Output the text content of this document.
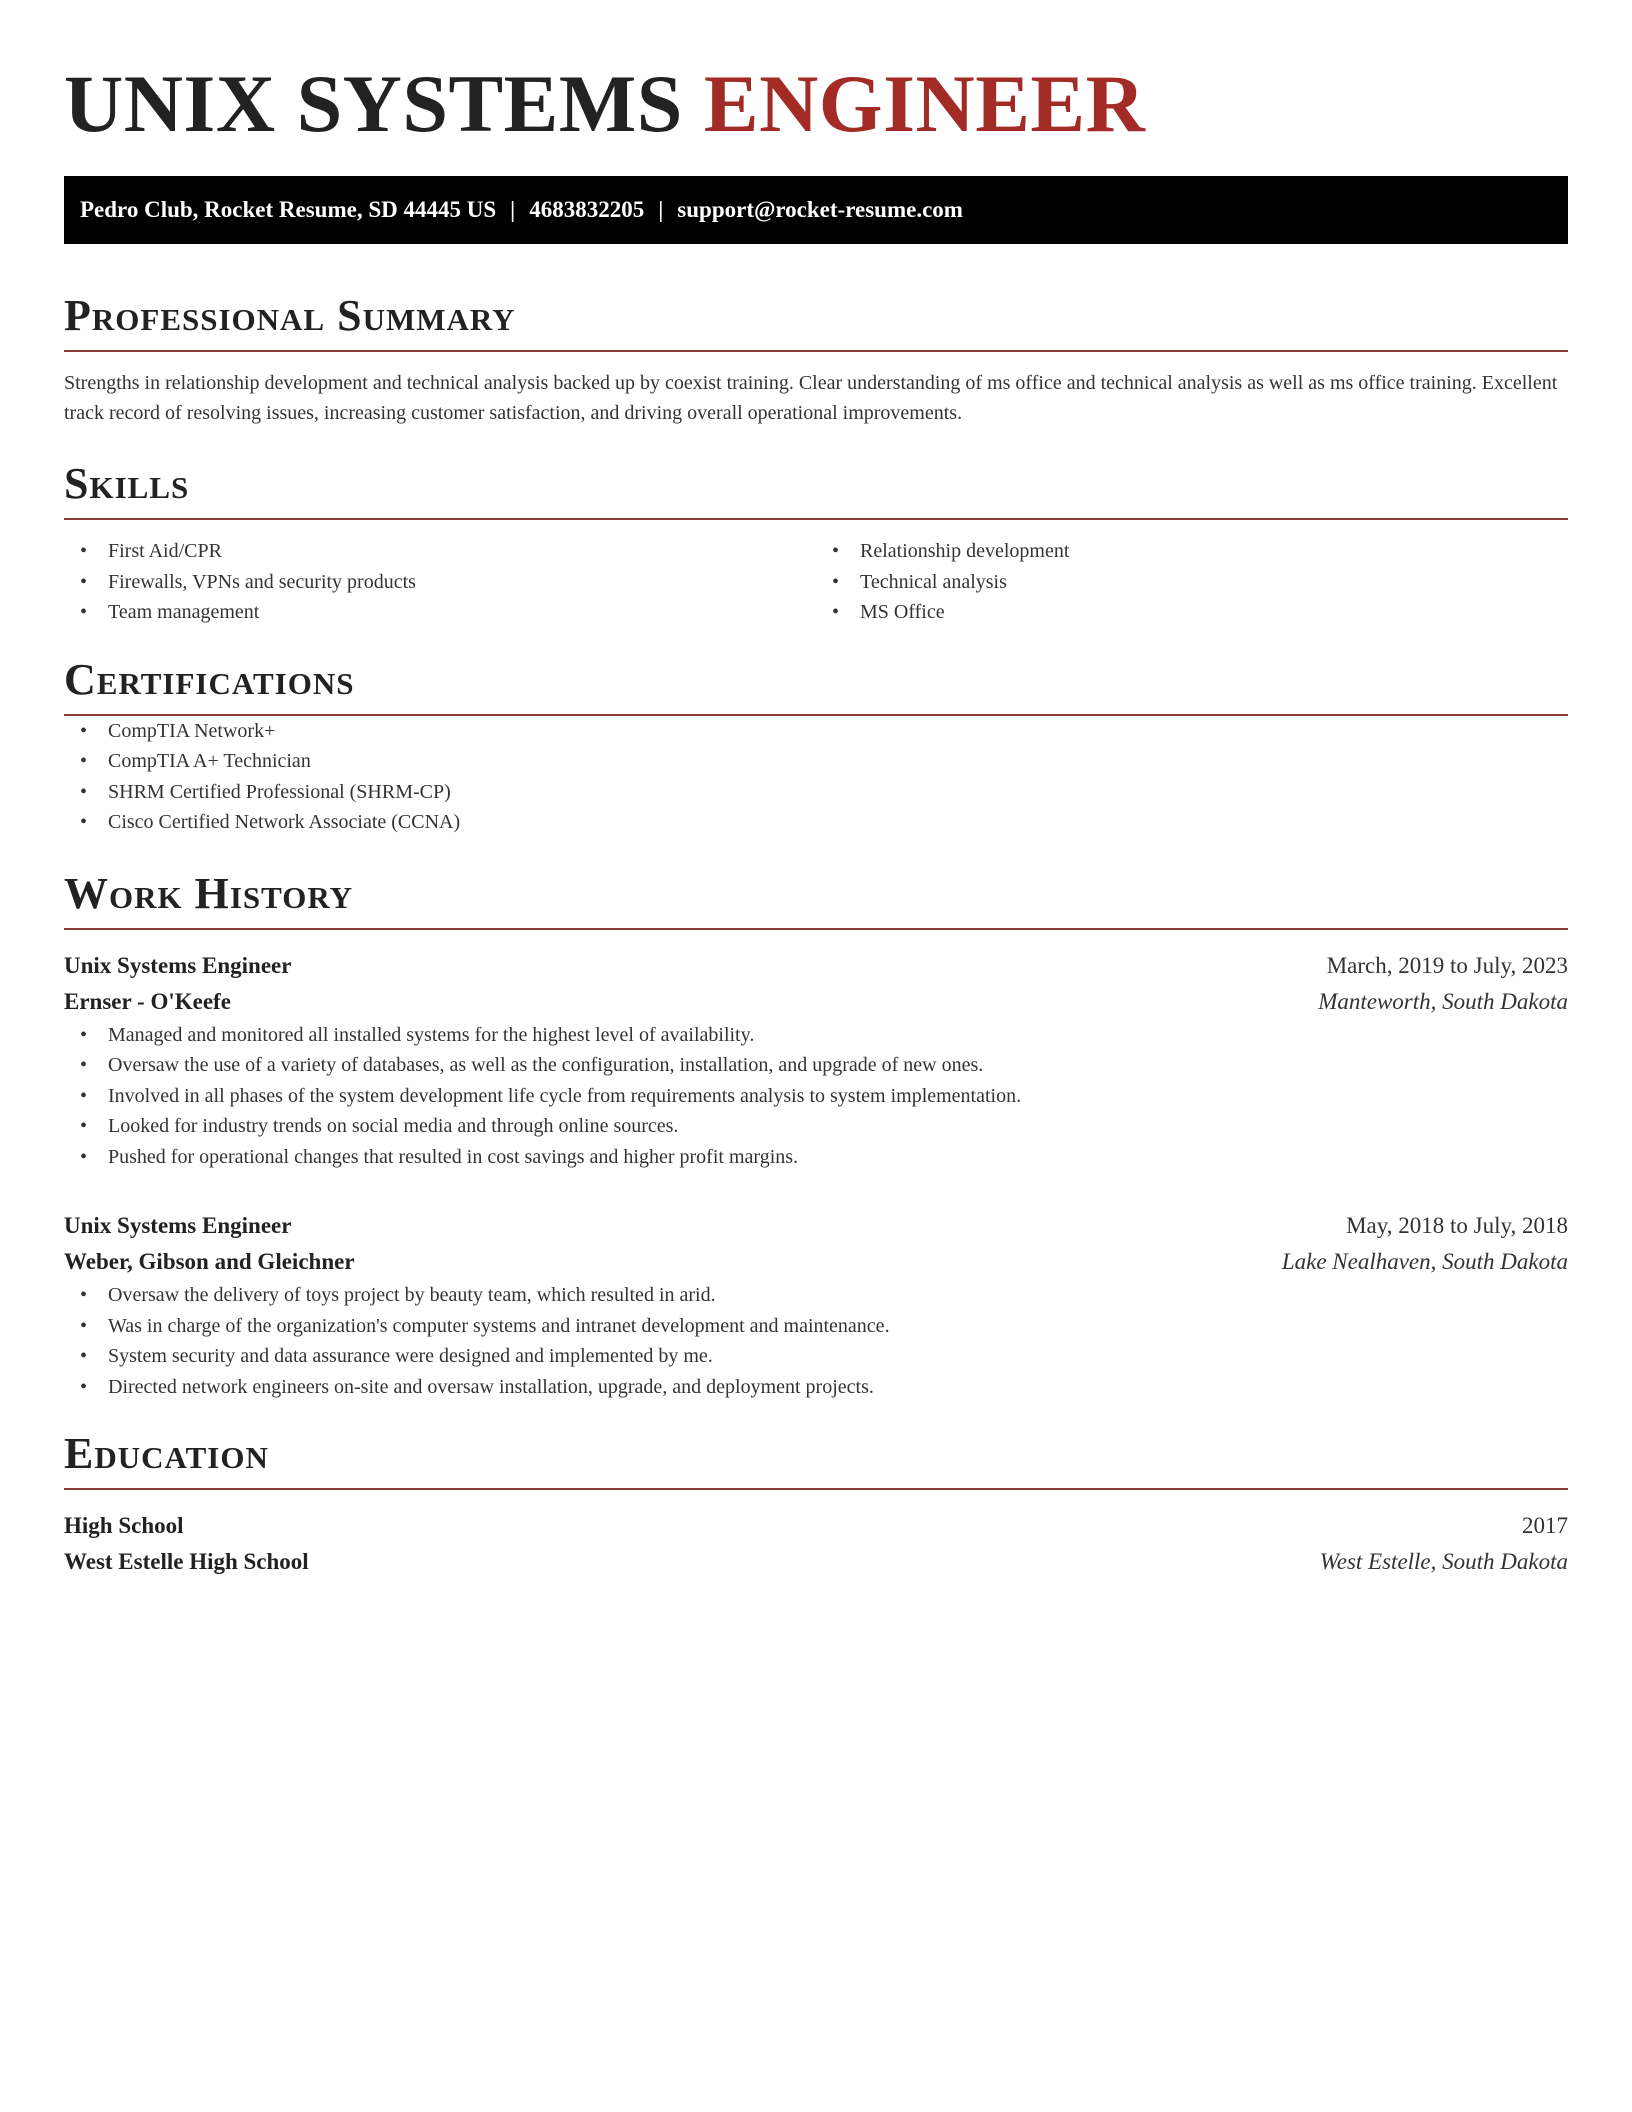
UNIX SYSTEMS ENGINEER
Pedro Club, Rocket Resume, SD 44445 US | 4683832205 | support@rocket-resume.com
Professional Summary

Strengths in relationship development and technical analysis backed up by coexist training. Clear understanding of ms office and technical analysis as well as ms office training. Excellent track record of resolving issues, increasing customer satisfaction, and driving overall operational improvements.

Skills
• First Aid/CPR
• Firewalls, VPNs and security products
• Team management
• Relationship development
• Technical analysis
• MS Office
Certifications
• CompTIA Network+
• CompTIA A+ Technician
• SHRM Certified Professional (SHRM-CP)
• Cisco Certified Network Associate (CCNA)
Work History
Unix Systems Engineer	March, 2019 to July, 2023
Ernser - O'Keefe	Manteworth, South Dakota
• Managed and monitored all installed systems for the highest level of availability.
• Oversaw the use of a variety of databases, as well as the configuration, installation, and upgrade of new ones.
• Involved in all phases of the system development life cycle from requirements analysis to system implementation.
• Looked for industry trends on social media and through online sources.
• Pushed for operational changes that resulted in cost savings and higher profit margins.
Unix Systems Engineer	May, 2018 to July, 2018
Weber, Gibson and Gleichner	Lake Nealhaven, South Dakota
• Oversaw the delivery of toys project by beauty team, which resulted in arid.
• Was in charge of the organization's computer systems and intranet development and maintenance.
• System security and data assurance were designed and implemented by me.
• Directed network engineers on-site and oversaw installation, upgrade, and deployment projects.
Education
High School	2017
West Estelle High School	West Estelle, South Dakota
